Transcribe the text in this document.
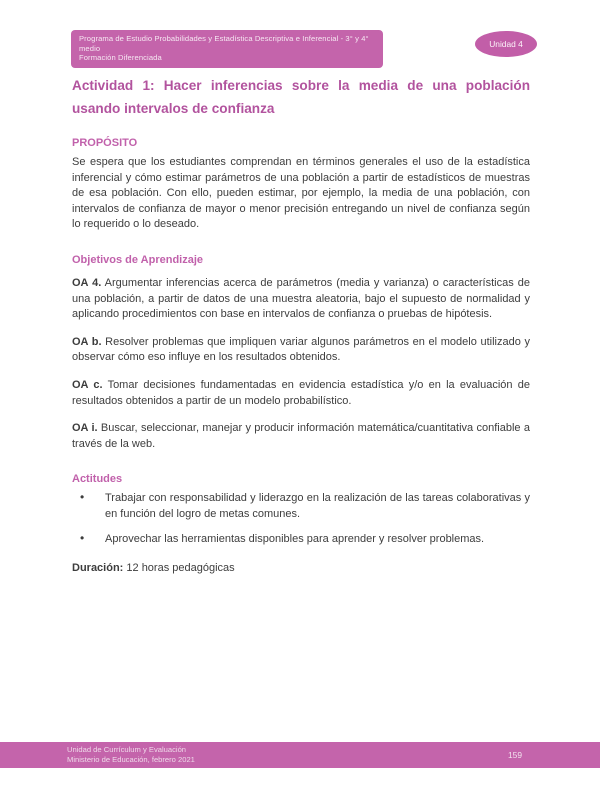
Programa de Estudio Probabilidades y Estadística Descriptiva e Inferencial - 3° y 4° medio
Formación Diferenciada
Unidad 4
Actividad 1: Hacer inferencias sobre la media de una población usando intervalos de confianza
PROPÓSITO

Se espera que los estudiantes comprendan en términos generales el uso de la estadística inferencial y cómo estimar parámetros de una población a partir de estadísticos de muestras de esa población. Con ello, pueden estimar, por ejemplo, la media de una población, con intervalos de confianza de mayor o menor precisión entregando un nivel de confianza según lo requerido o lo deseado.

Objetivos de Aprendizaje

OA 4. Argumentar inferencias acerca de parámetros (media y varianza) o características de una población, a partir de datos de una muestra aleatoria, bajo el supuesto de normalidad y aplicando procedimientos con base en intervalos de confianza o pruebas de hipótesis.

OA b. Resolver problemas que impliquen variar algunos parámetros en el modelo utilizado y observar cómo eso influye en los resultados obtenidos.

OA c. Tomar decisiones fundamentadas en evidencia estadística y/o en la evaluación de resultados obtenidos a partir de un modelo probabilístico.

OA i. Buscar, seleccionar, manejar y producir información matemática/cuantitativa confiable a través de la web.

Actitudes
• Trabajar con responsabilidad y liderazgo en la realización de las tareas colaborativas y en función del logro de metas comunes.
• Aprovechar las herramientas disponibles para aprender y resolver problemas.

Duración: 12 horas pedagógicas

Unidad de Currículum y Evaluación
Ministerio de Educación, febrero 2021	159
